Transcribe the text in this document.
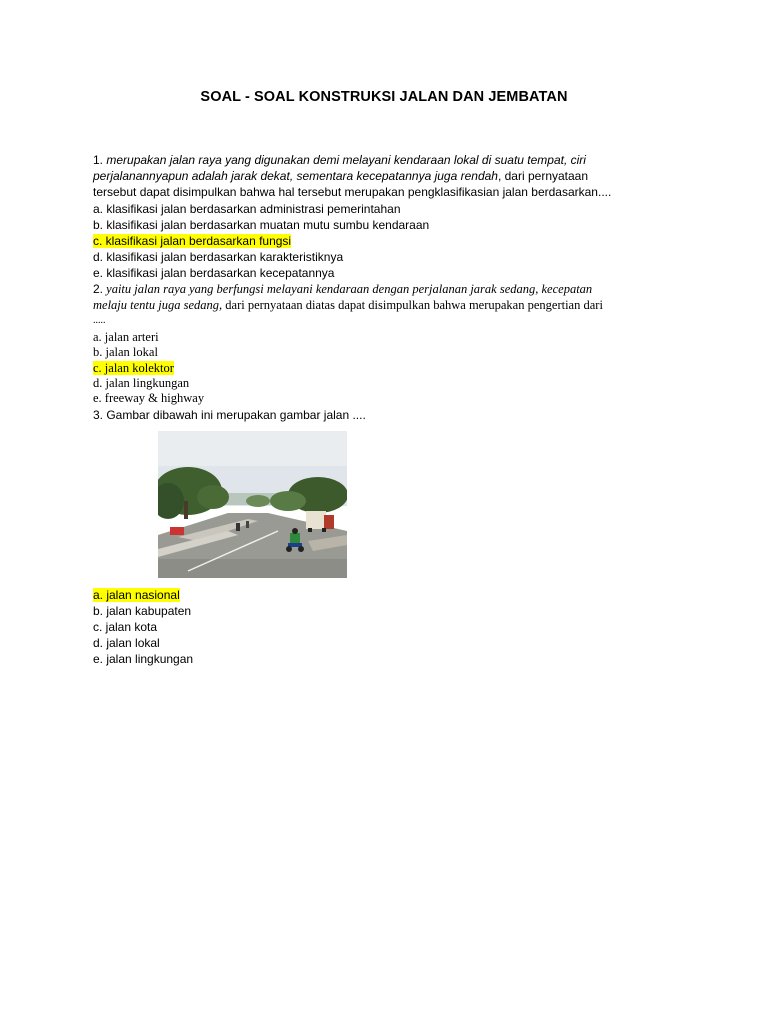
SOAL - SOAL KONSTRUKSI JALAN DAN JEMBATAN
1. merupakan jalan raya yang digunakan demi melayani kendaraan lokal di suatu tempat, ciri
perjalanannyapun adalah jarak dekat, sementara kecepatannya juga rendah, dari pernyataan
tersebut dapat disimpulkan bahwa hal tersebut merupakan pengklasifikasian jalan berdasarkan....
a. klasifikasi jalan berdasarkan administrasi pemerintahan
b. klasifikasi jalan berdasarkan muatan mutu sumbu kendaraan
c. klasifikasi jalan berdasarkan fungsi
d. klasifikasi jalan berdasarkan karakteristiknya
e. klasifikasi jalan berdasarkan kecepatannya
2. yaitu jalan raya yang berfungsi melayani kendaraan dengan perjalanan jarak sedang, kecepatan
melaju tentu juga sedang, dari pernyataan diatas dapat disimpulkan bahwa merupakan pengertian dari
.....
a. jalan arteri
b. jalan lokal
c. jalan kolektor
d. jalan lingkungan
e. freeway & highway
3. Gambar dibawah ini merupakan gambar jalan ....
a. jalan nasional
b. jalan kabupaten
c. jalan kota
d. jalan lokal
e. jalan lingkungan
